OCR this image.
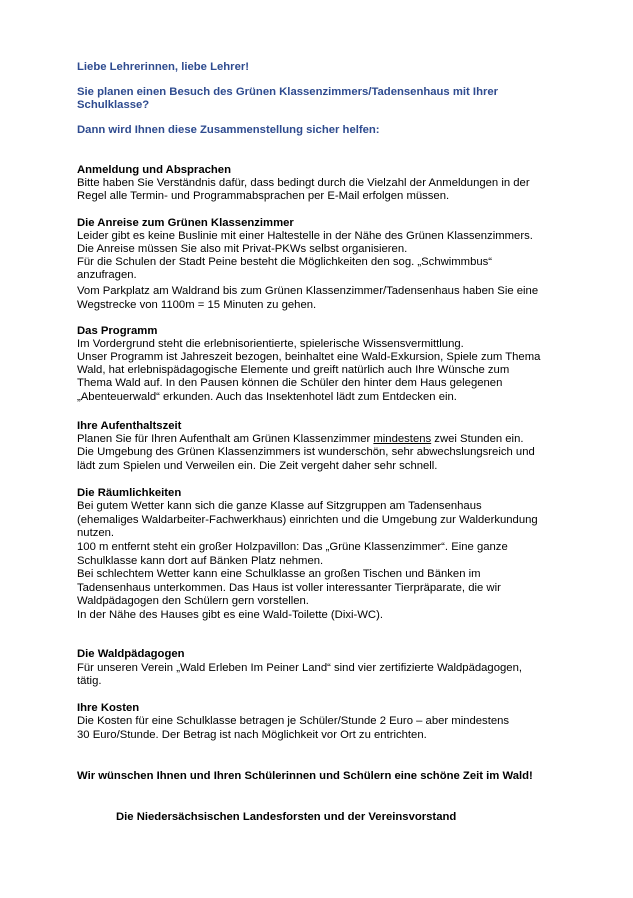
Liebe Lehrerinnen, liebe Lehrer!

Sie planen einen Besuch des Grünen Klassenzimmers/Tadensenhaus mit Ihrer

Schulklasse?

Dann wird Ihnen diese Zusammenstellung sicher helfen:

Anmeldung und Absprachen

Bitte haben Sie Verständnis dafür, dass bedingt durch die Vielzahl der Anmeldungen in der

Regel alle Termin- und Programmabsprachen per E-Mail erfolgen müssen.

Die Anreise zum Grünen Klassenzimmer

Leider gibt es keine Buslinie mit einer Haltestelle in der Nähe des Grünen Klassenzimmers.

Die Anreise müssen Sie also mit Privat-PKWs selbst organisieren.

Für die Schulen der Stadt Peine besteht die Möglichkeiten den sog. „Schwimmbus“

anzufragen.

Vom Parkplatz am Waldrand bis zum Grünen Klassenzimmer/Tadensenhaus haben Sie eine

Wegstrecke von 1100m = 15 Minuten zu gehen.

Das Programm

Im Vordergrund steht die erlebnisorientierte, spielerische Wissensvermittlung.

Unser Programm ist Jahreszeit bezogen, beinhaltet eine Wald-Exkursion, Spiele zum Thema

Wald, hat erlebnispädagogische Elemente und greift natürlich auch Ihre Wünsche zum

Thema Wald auf. In den Pausen können die Schüler den hinter dem Haus gelegenen

„Abenteuerwald“ erkunden. Auch das Insektenhotel lädt zum Entdecken ein.

Ihre Aufenthaltszeit

Planen Sie für Ihren Aufenthalt am Grünen Klassenzimmer mindestens zwei Stunden ein.

Die Umgebung des Grünen Klassenzimmers ist wunderschön, sehr abwechslungsreich und

lädt zum Spielen und Verweilen ein. Die Zeit vergeht daher sehr schnell.

Die Räumlichkeiten

Bei gutem Wetter kann sich die ganze Klasse auf Sitzgruppen am Tadensenhaus

(ehemaliges Waldarbeiter-Fachwerkhaus) einrichten und die Umgebung zur Walderkundung

nutzen.

100 m entfernt steht ein großer Holzpavillon: Das „Grüne Klassenzimmer“. Eine ganze

Schulklasse kann dort auf Bänken Platz nehmen.

Bei schlechtem Wetter kann eine Schulklasse an großen Tischen und Bänken im

Tadensenhaus unterkommen. Das Haus ist voller interessanter Tierpräparate, die wir

Waldpädagogen den Schülern gern vorstellen.

In der Nähe des Hauses gibt es eine Wald-Toilette (Dixi-WC).

Die Waldpädagogen

Für unseren Verein „Wald Erleben Im Peiner Land“ sind vier zertifizierte Waldpädagogen,

tätig.

Ihre Kosten

Die Kosten für eine Schulklasse betragen je Schüler/Stunde 2 Euro – aber mindestens

30 Euro/Stunde. Der Betrag ist nach Möglichkeit vor Ort zu entrichten.

Wir wünschen Ihnen und Ihren Schülerinnen und Schülern eine schöne Zeit im Wald!

Die Niedersächsischen Landesforsten und der Vereinsvorstand
